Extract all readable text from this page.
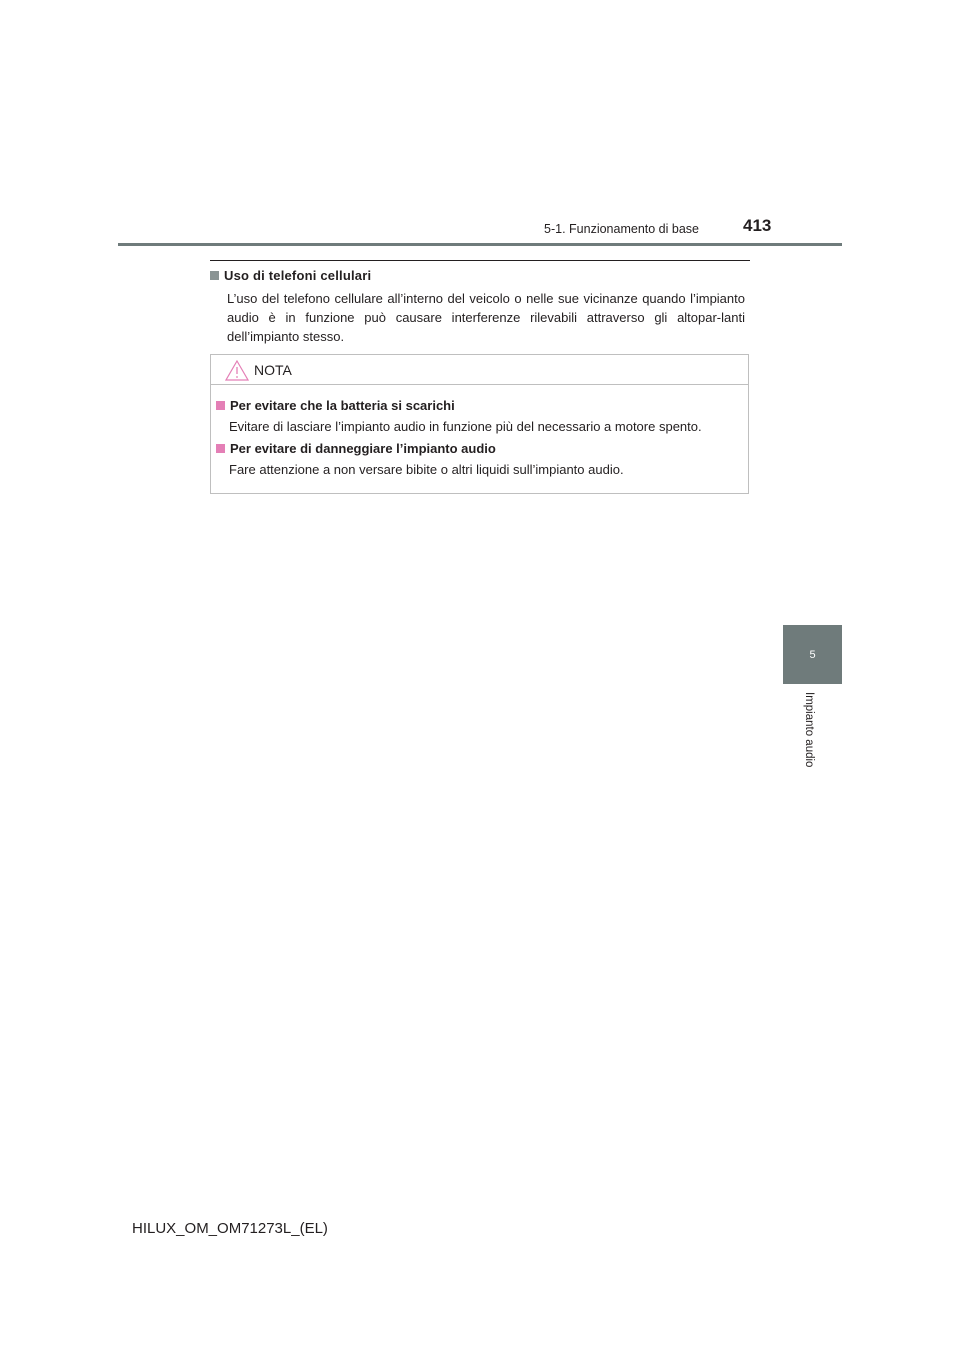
5-1. Funzionamento di base	413
5
Impianto audio
Uso di telefoni cellulari
L’uso del telefono cellulare all’interno del veicolo o nelle sue vicinanze quando l’impianto audio è in funzione può causare interferenze rilevabili attraverso gli altopar-lanti dell’impianto stesso.
NOTA
Per evitare che la batteria si scarichi
Evitare di lasciare l’impianto audio in funzione più del necessario a motore spento.
Per evitare di danneggiare l’impianto audio
Fare attenzione a non versare bibite o altri liquidi sull’impianto audio.
HILUX_OM_OM71273L_(EL)
